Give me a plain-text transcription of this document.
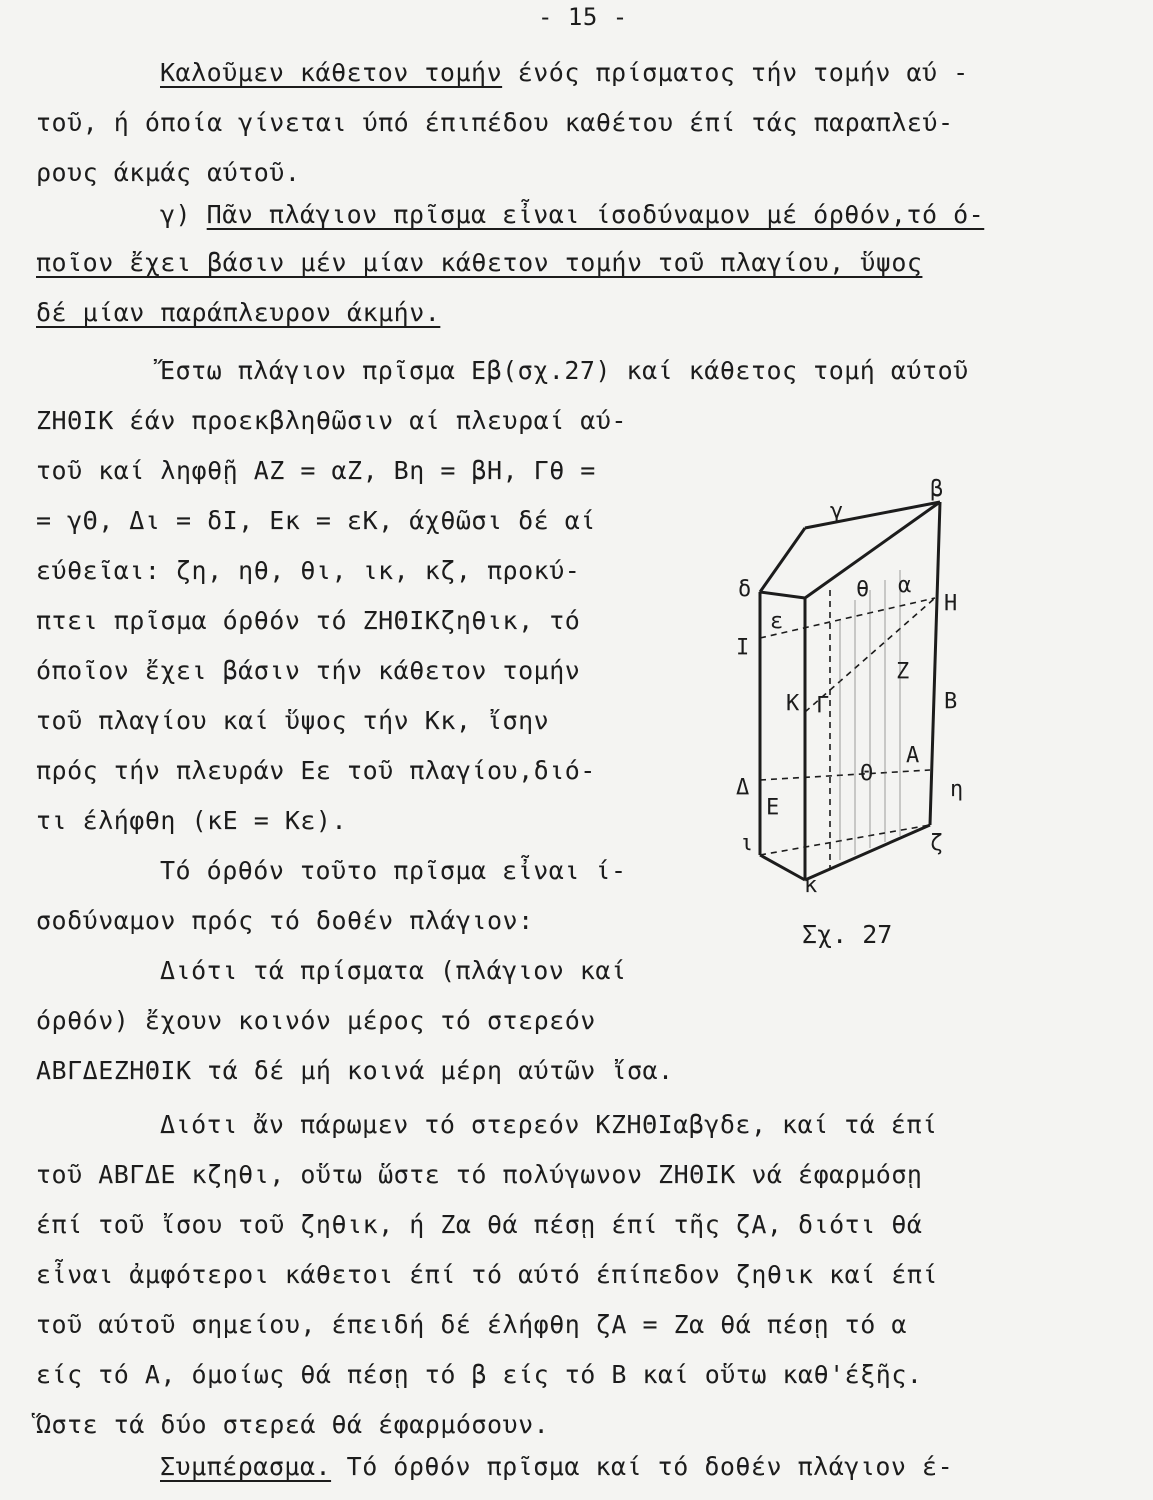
- 15 -
Καλοῦμεν κάθετον τομήν ένός πρίσματος τήν τομήν αύ -
τοῦ, ή όποία γίνεται ύπό έπιπέδου καθέτου έπί τάς παραπλεύ-
ρους άκμάς αύτοῦ.
γ) Πᾶν πλάγιον πρῖσμα εἶναι ίσοδύναμον μέ όρθόν,τό ό-
ποῖον ἔχει βάσιν μέν μίαν κάθετον τομήν τοῦ πλαγίου, ὕψος
δέ μίαν παράπλευρον άκμήν.
Ἔστω πλάγιον πρῖσμα Εβ(σχ.27) καί κάθετος τομή αύτοῦ
ΖΗΘΙΚ έάν προεκβληθῶσιν αί πλευραί αύ-
τοῦ καί ληφθῇ ΑΖ = αΖ, Βη = βΗ, Γθ =
= γΘ, Δι = δΙ, Εκ = εΚ, άχθῶσι δέ αί
εύθεῖαι: ζη, ηθ, θι, ικ, κζ, προκύ-
πτει πρῖσμα όρθόν τό ΖΗΘΙΚζηθικ, τό
όποῖον ἔχει βάσιν τήν κάθετον τομήν
τοῦ πλαγίου καί ὕψος τήν Κκ, ἴσην
πρός τήν πλευράν Εε τοῦ πλαγίου,διό-
τι έλήφθη (κΕ = Κε).
Τό όρθόν τοῦτο πρῖσμα εἶναι ί-
σοδύναμον πρός τό δοθέν πλάγιον:
Διότι τά πρίσματα (πλάγιον καί
όρθόν) ἔχουν κοινόν μέρος τό στερεόν
ΑΒΓΔΕΖΗΘΙΚ τά δέ μή κοινά μέρη αύτῶν ἴσα.
Διότι ἄν πάρωμεν τό στερεόν ΚΖΗΘΙαβγδε, καί τά έπί
τοῦ ΑΒΓΔΕ κζηθι, οὕτω ὥστε τό πολύγωνον ΖΗΘΙΚ νά έφαρμόσῃ
έπί τοῦ ἴσου τοῦ ζηθικ, ή Ζα θά πέσῃ έπί τῆς ζΑ, διότι θά
εἶναι ἀμφότεροι κάθετοι έπί τό αύτό έπίπεδον ζηθικ καί έπί
τοῦ αύτοῦ σημείου, έπειδή δέ έλήφθη ζΑ = Ζα θά πέσῃ τό α
είς τό Α, όμοίως θά πέσῃ τό β είς τό Β καί οὕτω καθ'έξῆς.
Ὥστε τά δύο στερεά θά έφαρμόσουν.
Συμπέρασμα. Τό όρθόν πρῖσμα καί τό δοθέν πλάγιον έ-
β
γ
δ	α
θ
ε
Η
Ι
Ζ
Κ Γ	Β
Α
Θ
Δ	η
Ε
ι	ζ
κ
Σχ. 27
